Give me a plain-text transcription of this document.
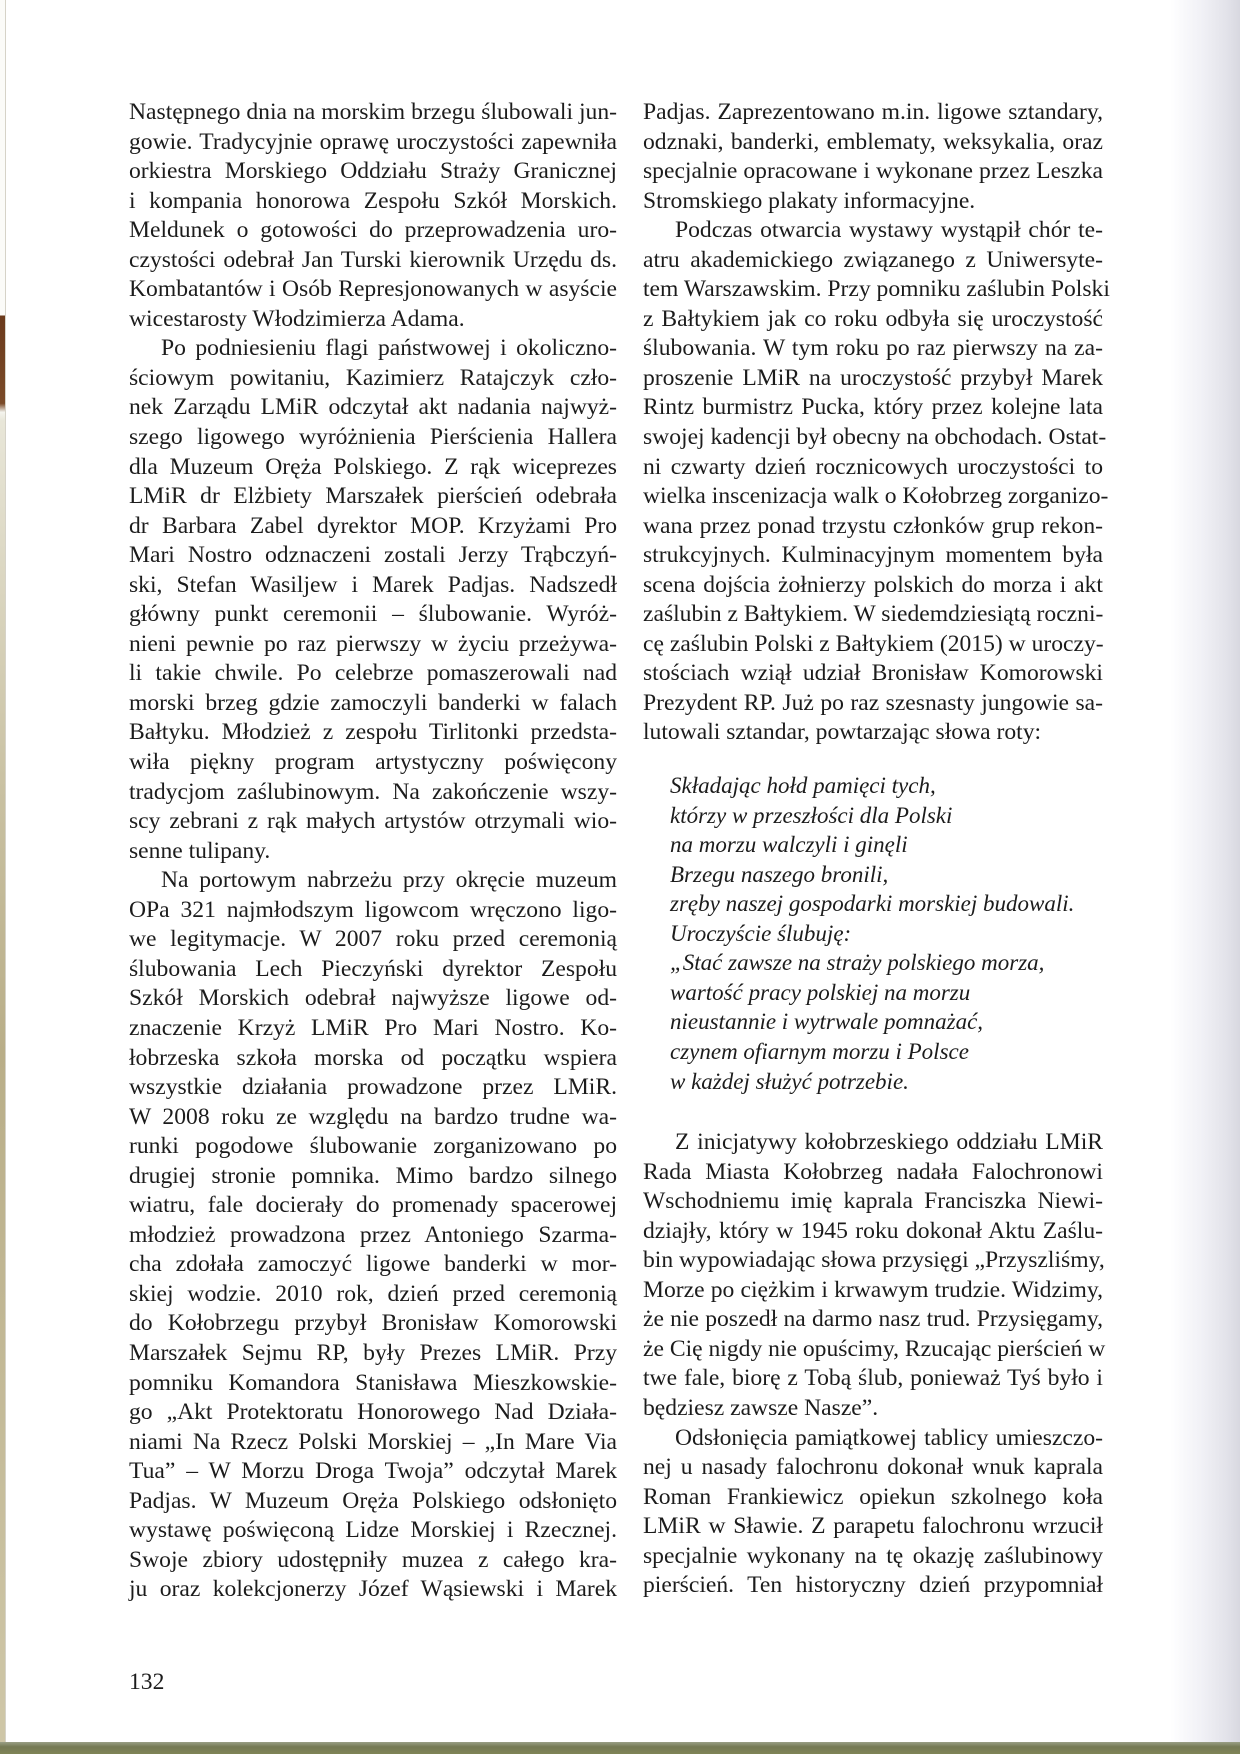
Następnego dnia na morskim brzegu ślubowali jun-
gowie. Tradycyjnie oprawę uroczystości zapewniła
orkiestra Morskiego Oddziału Straży Granicznej
i kompania honorowa Zespołu Szkół Morskich.
Meldunek o gotowości do przeprowadzenia uro-
czystości odebrał Jan Turski kierownik Urzędu ds.
Kombatantów i Osób Represjonowanych w asyście
wicestarosty Włodzimierza Adama.
Po podniesieniu flagi państwowej i okoliczno-
ściowym powitaniu, Kazimierz Ratajczyk czło-
nek Zarządu LMiR odczytał akt nadania najwyż-
szego ligowego wyróżnienia Pierścienia Hallera
dla Muzeum Oręża Polskiego. Z rąk wiceprezes
LMiR dr Elżbiety Marszałek pierścień odebrała
dr Barbara Zabel dyrektor MOP. Krzyżami Pro
Mari Nostro odznaczeni zostali Jerzy Trąbczyń-
ski, Stefan Wasiljew i Marek Padjas. Nadszedł
główny punkt ceremonii – ślubowanie. Wyróż-
nieni pewnie po raz pierwszy w życiu przeżywa-
li takie chwile. Po celebrze pomaszerowali nad
morski brzeg gdzie zamoczyli banderki w falach
Bałtyku. Młodzież z zespołu Tirlitonki przedsta-
wiła piękny program artystyczny poświęcony
tradycjom zaślubinowym. Na zakończenie wszy-
scy zebrani z rąk małych artystów otrzymali wio-
senne tulipany.
Na portowym nabrzeżu przy okręcie muzeum
OPa 321 najmłodszym ligowcom wręczono ligo-
we legitymacje. W 2007 roku przed ceremonią
ślubowania Lech Pieczyński dyrektor Zespołu
Szkół Morskich odebrał najwyższe ligowe od-
znaczenie Krzyż LMiR Pro Mari Nostro. Ko-
łobrzeska szkoła morska od początku wspiera
wszystkie działania prowadzone przez LMiR.
W 2008 roku ze względu na bardzo trudne wa-
runki pogodowe ślubowanie zorganizowano po
drugiej stronie pomnika. Mimo bardzo silnego
wiatru, fale docierały do promenady spacerowej
młodzież prowadzona przez Antoniego Szarma-
cha zdołała zamoczyć ligowe banderki w mor-
skiej wodzie. 2010 rok, dzień przed ceremonią
do Kołobrzegu przybył Bronisław Komorowski
Marszałek Sejmu RP, były Prezes LMiR. Przy
pomniku Komandora Stanisława Mieszkowskie-
go „Akt Protektoratu Honorowego Nad Działa-
niami Na Rzecz Polski Morskiej – „In Mare Via
Tua” – W Morzu Droga Twoja” odczytał Marek
Padjas. W Muzeum Oręża Polskiego odsłonięto
wystawę poświęconą Lidze Morskiej i Rzecznej.
Swoje zbiory udostępniły muzea z całego kra-
ju oraz kolekcjonerzy Józef Wąsiewski i Marek
Padjas. Zaprezentowano m.in. ligowe sztandary,
odznaki, banderki, emblematy, weksykalia, oraz
specjalnie opracowane i wykonane przez Leszka
Stromskiego plakaty informacyjne.
Podczas otwarcia wystawy wystąpił chór te-
atru akademickiego związanego z Uniwersyte-
tem Warszawskim. Przy pomniku zaślubin Polski
z Bałtykiem jak co roku odbyła się uroczystość
ślubowania. W tym roku po raz pierwszy na za-
proszenie LMiR na uroczystość przybył Marek
Rintz burmistrz Pucka, który przez kolejne lata
swojej kadencji był obecny na obchodach. Ostat-
ni czwarty dzień rocznicowych uroczystości to
wielka inscenizacja walk o Kołobrzeg zorganizo-
wana przez ponad trzystu członków grup rekon-
strukcyjnych. Kulminacyjnym momentem była
scena dojścia żołnierzy polskich do morza i akt
zaślubin z Bałtykiem. W siedemdziesiątą roczni-
cę zaślubin Polski z Bałtykiem (2015) w uroczy-
stościach wziął udział Bronisław Komorowski
Prezydent RP. Już po raz szesnasty jungowie sa-
lutowali sztandar, powtarzając słowa roty:
Składając hołd pamięci tych,
którzy w przeszłości dla Polski
na morzu walczyli i ginęli
Brzegu naszego bronili,
zręby naszej gospodarki morskiej budowali.
Uroczyście ślubuję:
„Stać zawsze na straży polskiego morza,
wartość pracy polskiej na morzu
nieustannie i wytrwale pomnażać,
czynem ofiarnym morzu i Polsce
w każdej służyć potrzebie.
Z inicjatywy kołobrzeskiego oddziału LMiR
Rada Miasta Kołobrzeg nadała Falochronowi
Wschodniemu imię kaprala Franciszka Niewi-
dziajły, który w 1945 roku dokonał Aktu Zaślu-
bin wypowiadając słowa przysięgi „Przyszliśmy,
Morze po ciężkim i krwawym trudzie. Widzimy,
że nie poszedł na darmo nasz trud. Przysięgamy,
że Cię nigdy nie opuścimy, Rzucając pierścień w
twe fale, biorę z Tobą ślub, ponieważ Tyś było i
będziesz zawsze Nasze”.
Odsłonięcia pamiątkowej tablicy umieszczo-
nej u nasady falochronu dokonał wnuk kaprala
Roman Frankiewicz opiekun szkolnego koła
LMiR w Sławie. Z parapetu falochronu wrzucił
specjalnie wykonany na tę okazję zaślubinowy
pierścień. Ten historyczny dzień przypomniał
132
